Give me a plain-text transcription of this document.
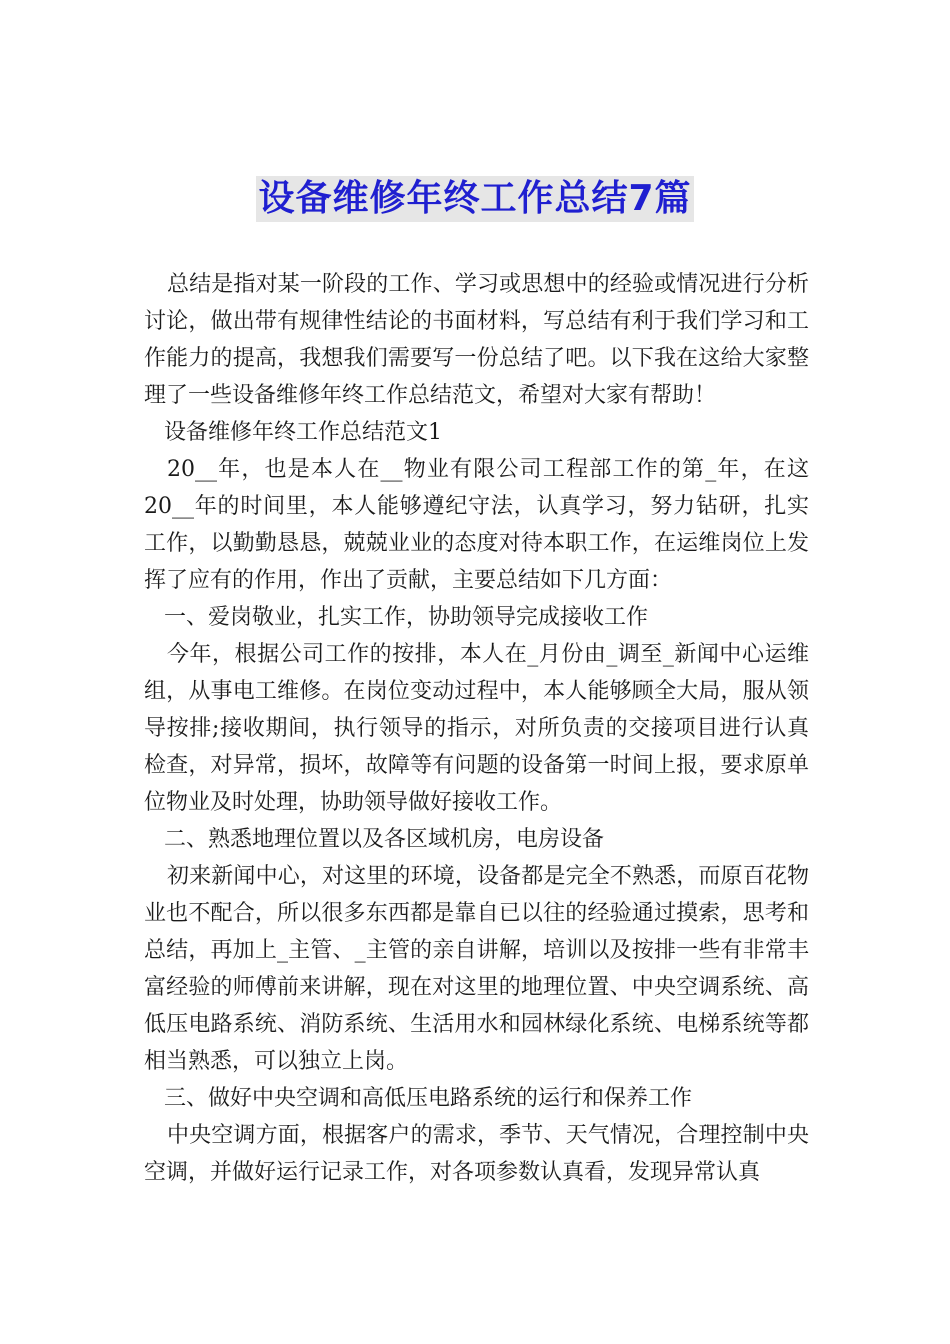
设备维修年终工作总结7篇

总结是指对某一阶段的工作、学习或思想中的经验或情况进行分析讨论，做出带有规律性结论的书面材料，写总结有利于我们学习和工作能力的提高，我想我们需要写一份总结了吧。以下我在这给大家整理了一些设备维修年终工作总结范文，希望对大家有帮助！

设备维修年终工作总结范文1

20__年，也是本人在__物业有限公司工程部工作的第_年，在这20__年的时间里，本人能够遵纪守法，认真学习，努力钻研，扎实工作，以勤勤恳恳，兢兢业业的态度对待本职工作，在运维岗位上发挥了应有的作用，作出了贡献，主要总结如下几方面：

一、爱岗敬业，扎实工作，协助领导完成接收工作

今年，根据公司工作的按排，本人在_月份由_调至_新闻中心运维组，从事电工维修。在岗位变动过程中，本人能够顾全大局，服从领导按排;接收期间，执行领导的指示，对所负责的交接项目进行认真检查，对异常，损坏，故障等有问题的设备第一时间上报，要求原单位物业及时处理，协助领导做好接收工作。

二、熟悉地理位置以及各区域机房，电房设备

初来新闻中心，对这里的环境，设备都是完全不熟悉，而原百花物业也不配合，所以很多东西都是靠自已以往的经验通过摸索，思考和总结，再加上_主管、_主管的亲自讲解，培训以及按排一些有非常丰富经验的师傅前来讲解，现在对这里的地理位置、中央空调系统、高低压电路系统、消防系统、生活用水和园林绿化系统、电梯系统等都相当熟悉，可以独立上岗。

三、做好中央空调和高低压电路系统的运行和保养工作

中央空调方面，根据客户的需求，季节、天气情况，合理控制中央空调，并做好运行记录工作，对各项参数认真看，发现异常认真
